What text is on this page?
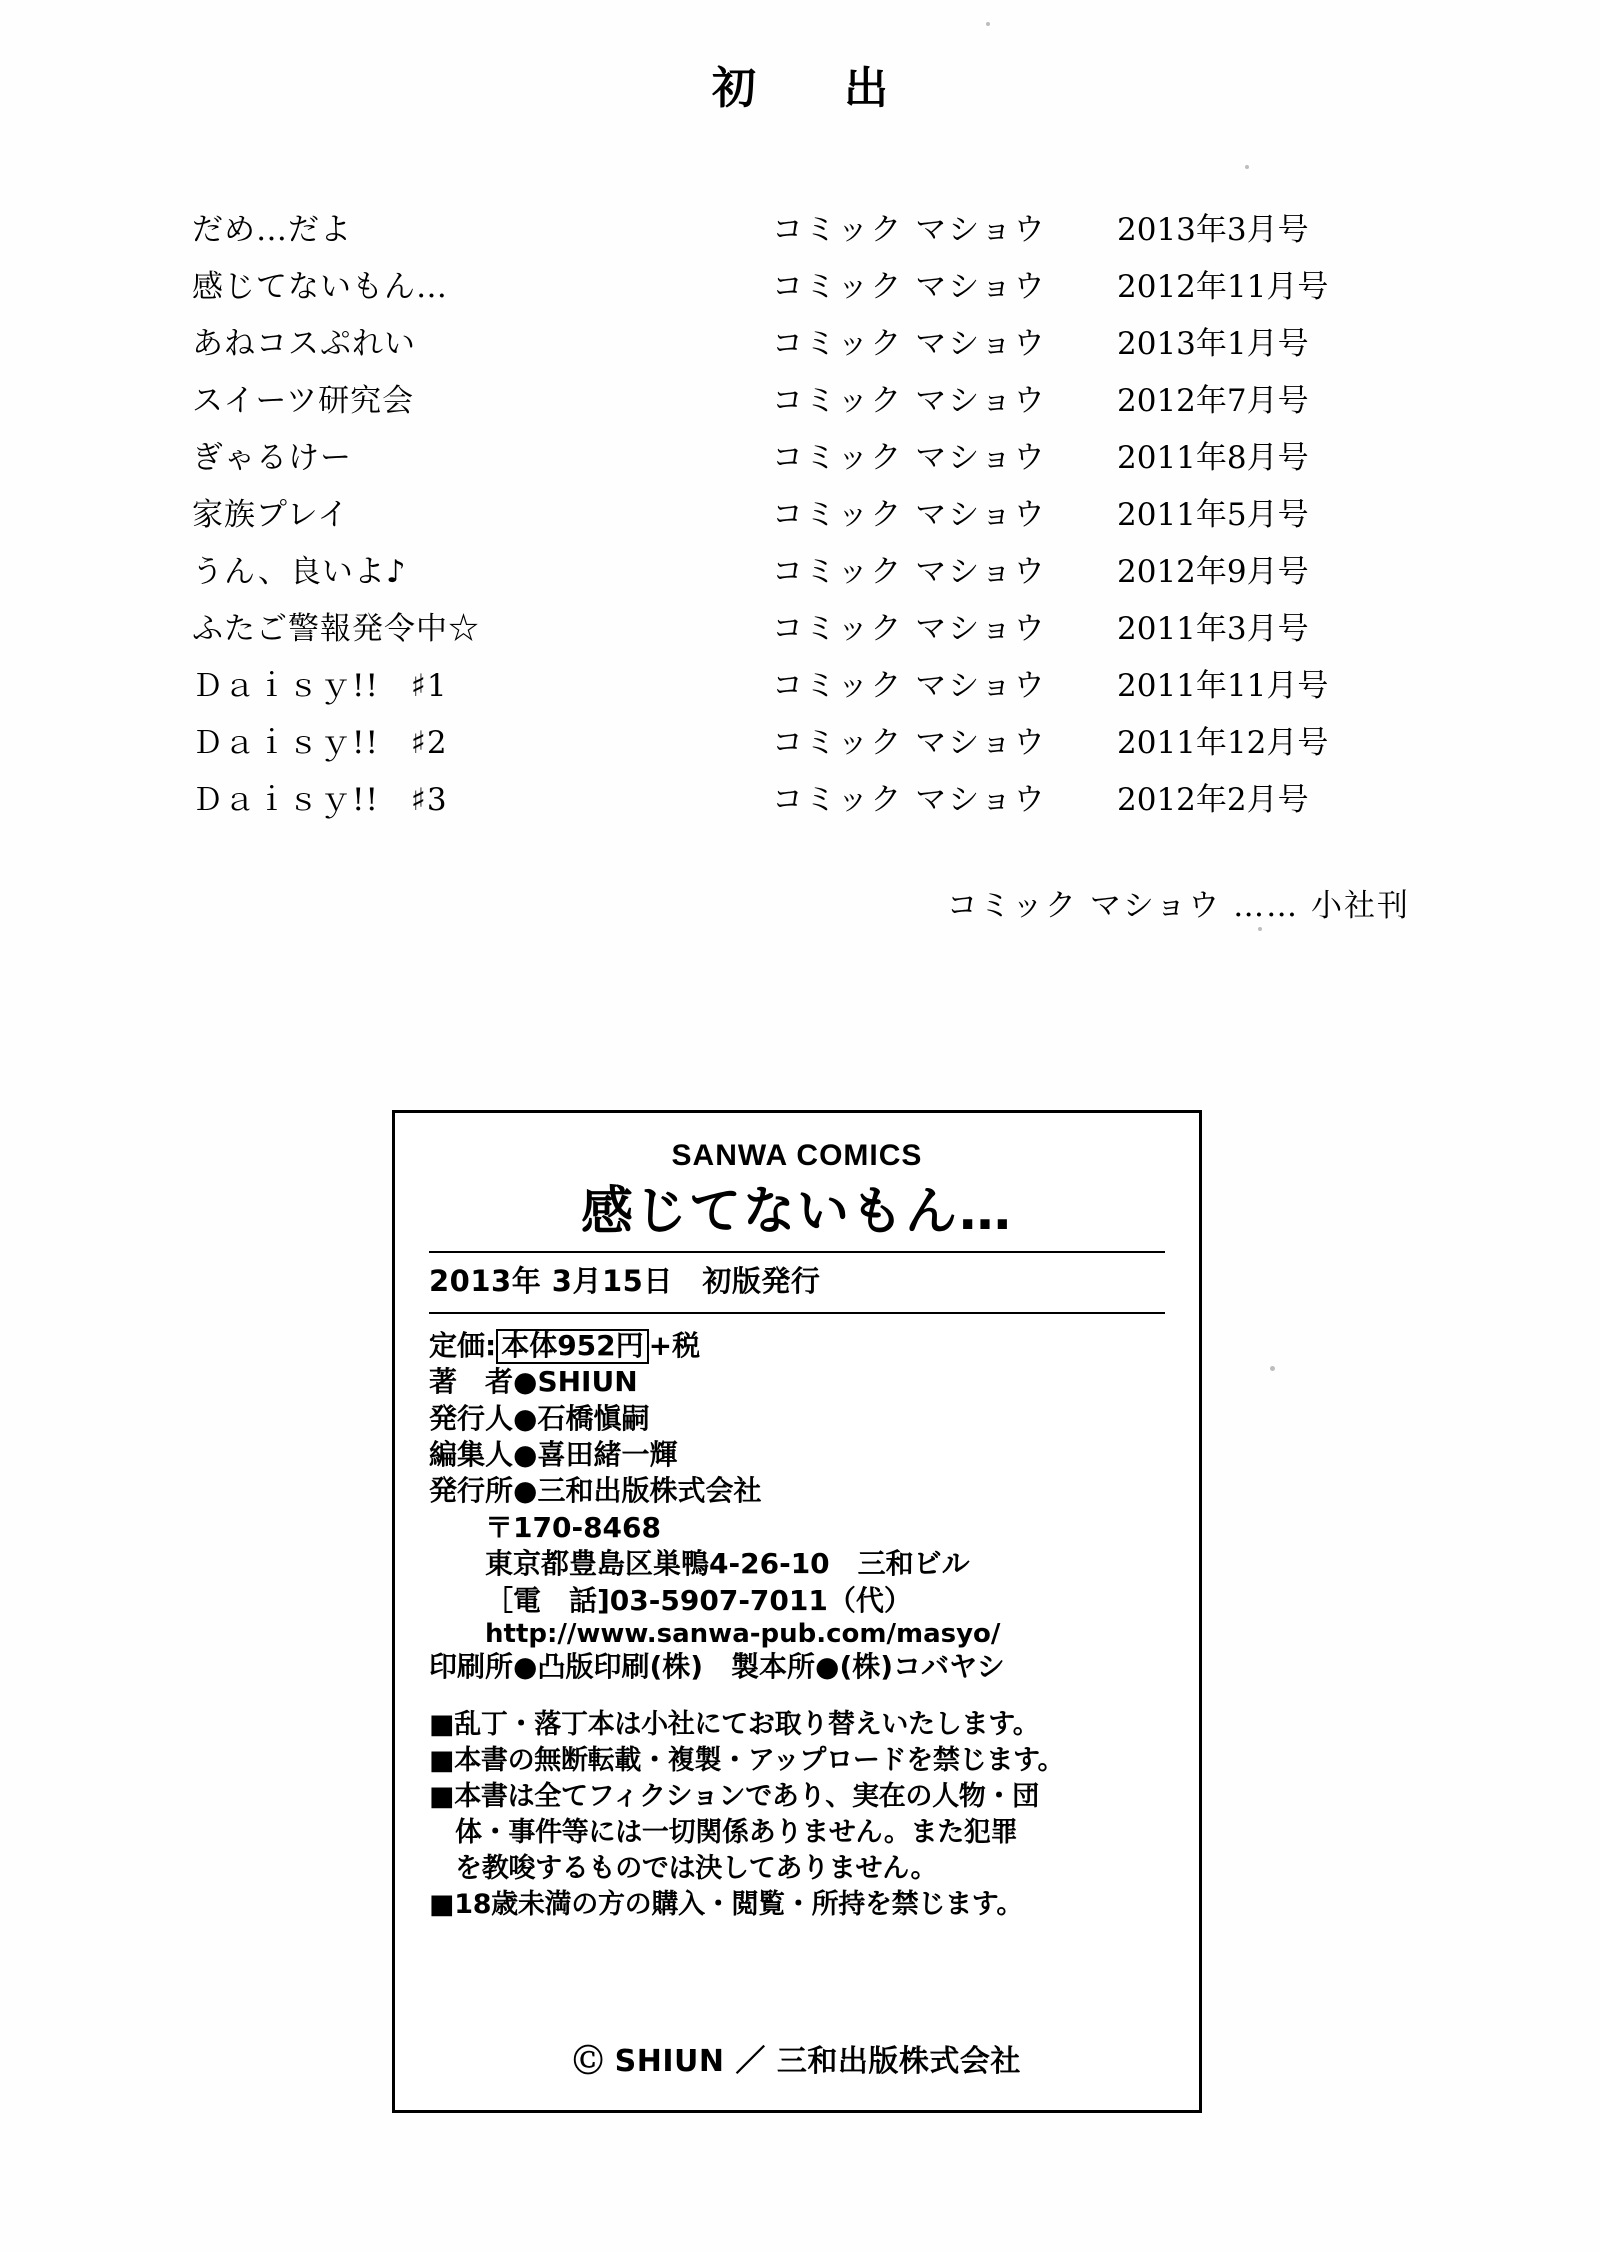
初　出
だめ…だよ	コミック マショウ	2013年3月号
感じてないもん…	コミック マショウ	2012年11月号
あねコスぷれい	コミック マショウ	2013年1月号
スイーツ研究会	コミック マショウ	2012年7月号
ぎゃるけー	コミック マショウ	2011年8月号
家族プレイ	コミック マショウ	2011年5月号
うん、良いよ♪	コミック マショウ	2012年9月号
ふたご警報発令中☆	コミック マショウ	2011年3月号
Ｄａｉｓｙ!!　♯1	コミック マショウ	2011年11月号
Ｄａｉｓｙ!!　♯2	コミック マショウ	2011年12月号
Ｄａｉｓｙ!!　♯3	コミック マショウ	2012年2月号
コミック マショウ …… 小社刊
SANWA COMICS
感じてないもん…
2013年 3月15日　初版発行
定価: 本体952円 +税
著　者●SHIUN
発行人●石橋愼嗣
編集人●喜田緒一輝
発行所●三和出版株式会社
〒170-8468
東京都豊島区巣鴨4-26-10　三和ビル
［電　話]03-5907-7011（代）
http://www.sanwa-pub.com/masyo/
印刷所●凸版印刷(株)　製本所●(株)コバヤシ
■乱丁・落丁本は小社にてお取り替えいたします。
■本書の無断転載・複製・アップロードを禁じます。
■本書は全てフィクションであり、実在の人物・団
体・事件等には一切関係ありません。また犯罪
を教唆するものでは決してありません。
■18歳未満の方の購入・閲覧・所持を禁じます。
Ⓒ SHIUN ／ 三和出版株式会社
